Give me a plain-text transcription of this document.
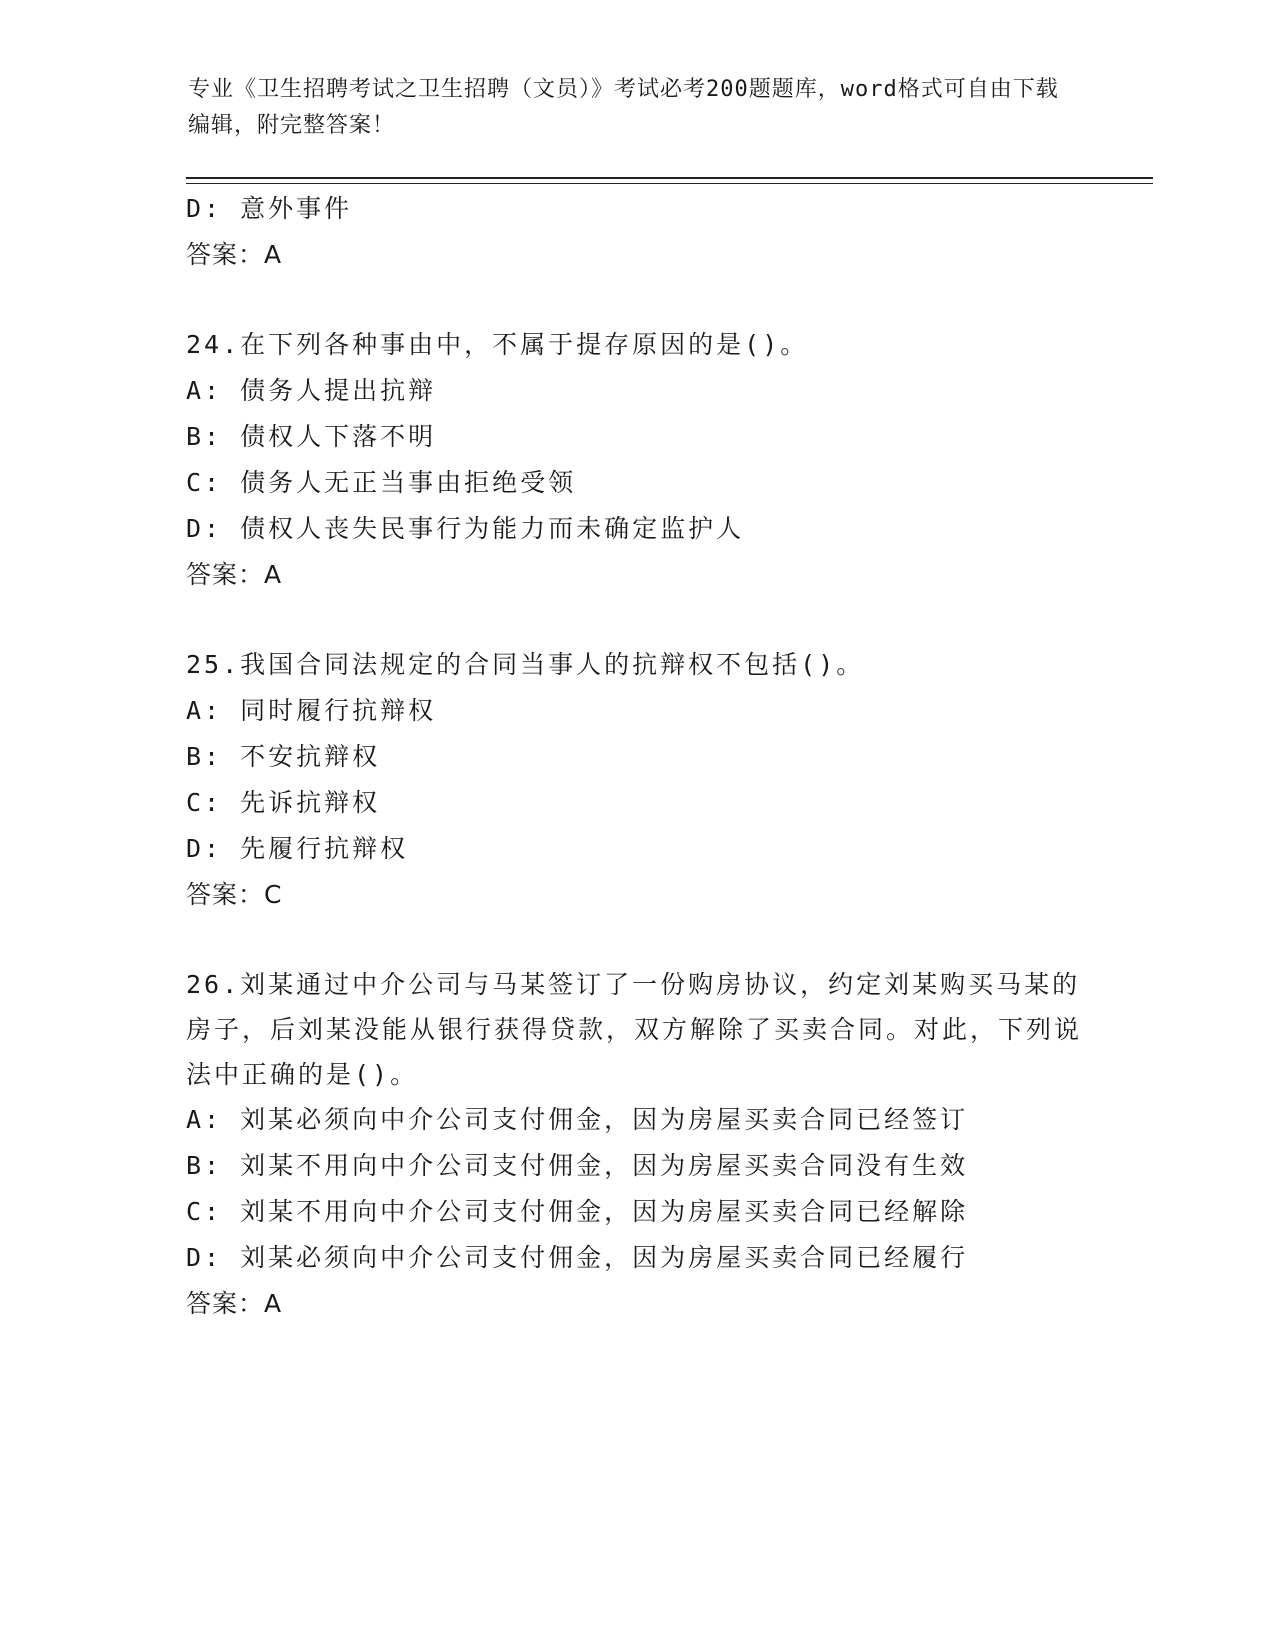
专业《卫生招聘考试之卫生招聘（文员）》考试必考200题题库，word格式可自由下载编辑，附完整答案！
D: 意外事件
答案：A
24.在下列各种事由中，不属于提存原因的是()。
A: 债务人提出抗辩
B: 债权人下落不明
C: 债务人无正当事由拒绝受领
D: 债权人丧失民事行为能力而未确定监护人
答案：A
25.我国合同法规定的合同当事人的抗辩权不包括()。
A: 同时履行抗辩权
B: 不安抗辩权
C: 先诉抗辩权
D: 先履行抗辩权
答案：C
26.刘某通过中介公司与马某签订了一份购房协议，约定刘某购买马某的房子，后刘某没能从银行获得贷款，双方解除了买卖合同。对此，下列说法中正确的是()。
A: 刘某必须向中介公司支付佣金，因为房屋买卖合同已经签订
B: 刘某不用向中介公司支付佣金，因为房屋买卖合同没有生效
C: 刘某不用向中介公司支付佣金，因为房屋买卖合同已经解除
D: 刘某必须向中介公司支付佣金，因为房屋买卖合同已经履行
答案：A
